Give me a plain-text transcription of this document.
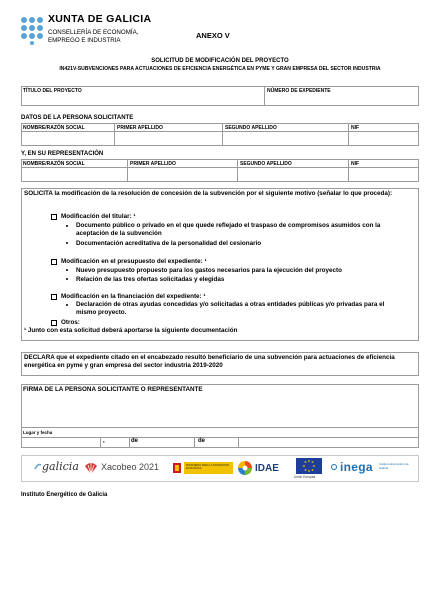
XUNTA DE GALICIA
CONSELLERÍA DE ECONOMÍA,
EMPREGO E INDUSTRIA
ANEXO V
SOLICITUD DE MODIFICACIÓN DEL PROYECTO
IN421V-SUBVENCIONES PARA ACTUACIONES DE EFICIENCIA ENERGÉTICA EN PYME Y GRAN EMPRESA DEL SECTOR INDUSTRIA
TÍTULO DEL PROYECTO	NÚMERO DE EXPEDIENTE
DATOS DE LA PERSONA SOLICITANTE
NOMBRE/RAZÓN SOCIAL	PRIMER APELLIDO	SEGUNDO APELLIDO	NIF
Y, EN SU REPRESENTACIÓN
NOMBRE/RAZÓN SOCIAL	PRIMER APELLIDO	SEGUNDO APELLIDO	NIF
SOLICITA la modificación de la resolución de concesión de la subvención por el siguiente motivo (señalar lo que proceda):
Modificación del titular: ¹
Documento público o privado en el que quede reflejado el traspaso de compromisos asumidos con la aceptación de la subvención
Documentación acreditativa de la personalidad del cesionario
Modificación en el presupuesto del expediente: ¹
Nuevo presupuesto propuesto para los gastos necesarios para la ejecución del proyecto
Relación de las tres ofertas solicitadas y elegidas
Modificación en la financiación del expediente: ¹
Declaración de otras ayudas concedidas y/o solicitadas a otras entidades públicas y/o privadas para el mismo proyecto.
Otros:
¹ Junto con esta solicitud deberá aportarse la siguiente documentación
DECLARA que el expediente citado en el encabezado resultó beneficiario de una subvención para actuaciones de eficiencia energética en pyme y gran empresa del sector industria 2019-2020
FIRMA DE LA PERSONA SOLICITANTE O REPRESENTANTE
Lugar y fecha
,	de	de
galicia Xacobeo 2021	MINISTERIO PARA LA TRANSICIÓN ECOLÓGICA	IDAE
Unión Europea
inega Instituto Enerxético de Galicia
Instituto Energético de Galicia
